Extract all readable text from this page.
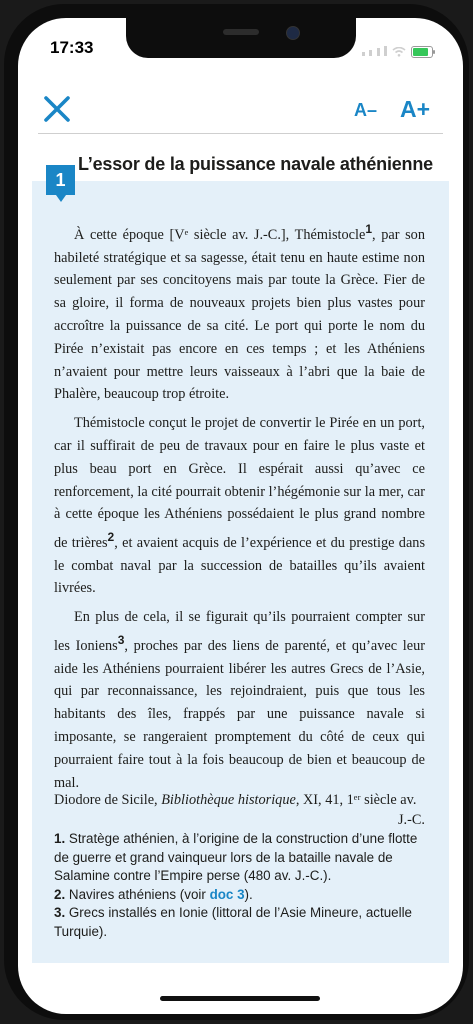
17:33

A– A+
1
L’essor de la puissance navale athénienne

À cette époque [Vᵉ siècle av. J.-C.], Thémistocle$^1$, par son habileté stratégique et sa sagesse, était tenu en haute estime non seulement par ses concitoyens mais par toute la Grèce. Fier de sa gloire, il forma de nouveaux projets bien plus vastes pour accroître la puissance de sa cité. Le port qui porte le nom du Pirée n’existait pas encore en ces temps ; et les Athéniens n’avaient pour mettre leurs vaisseaux à l’abri que la baie de Phalère, beaucoup trop étroite.

Thémistocle conçut le projet de convertir le Pirée en un port, car il suffirait de peu de travaux pour en faire le plus vaste et plus beau port en Grèce. Il espérait aussi qu’avec ce renforcement, la cité pourrait obtenir l’hégémonie sur la mer, car à cette époque les Athéniens possédaient le plus grand nombre de trières$^2$, et avaient acquis de l’expérience et du prestige dans le combat naval par la succession de batailles qu’ils avaient livrées.

En plus de cela, il se figurait qu’ils pourraient compter sur les Ioniens$^3$, proches par des liens de parenté, et qu’avec leur aide les Athéniens pourraient libérer les autres Grecs de l’Asie, qui par reconnaissance, les rejoindraient, puis que tous les habitants des îles, frappés par une puissance navale si imposante, se rangeraient promptement du côté de ceux qui pourraient faire tout à la fois beaucoup de bien et beaucoup de mal.

Diodore de Sicile, Bibliothèque historique, XI, 41, 1ᵉʳ siècle av.
J.-C.
1. Stratège athénien, à l’origine de la construction d’une flotte de guerre et grand vainqueur lors de la bataille navale de Salamine contre l’Empire perse (480 av. J.-C.).
2. Navires athéniens (voir doc 3).
3. Grecs installés en Ionie (littoral de l’Asie Mineure, actuelle Turquie).
